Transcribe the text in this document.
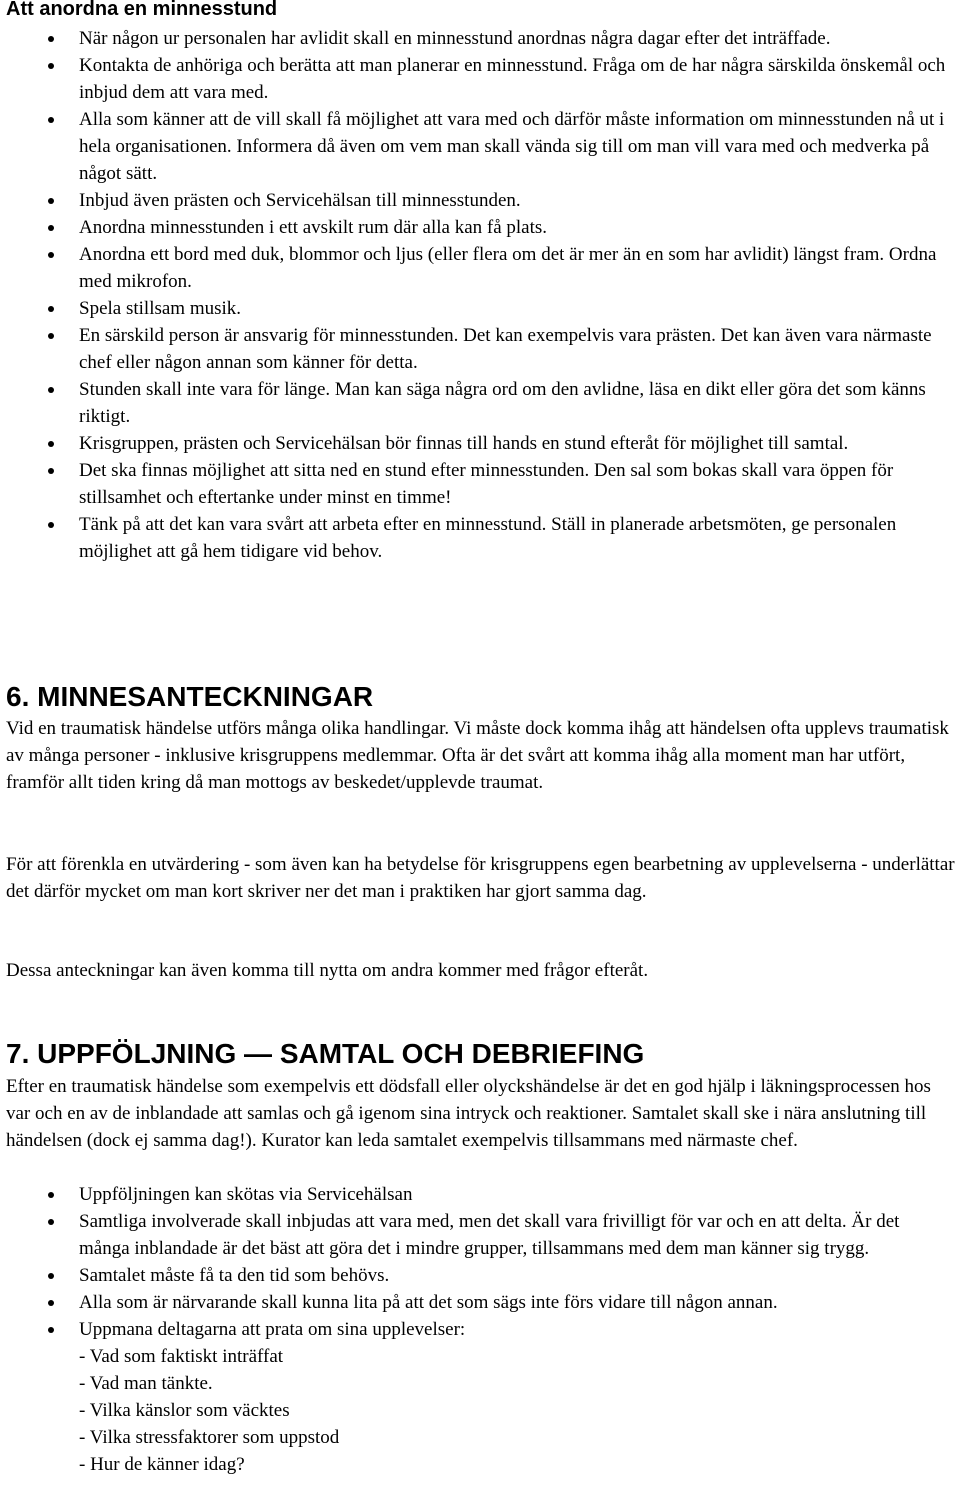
Att anordna en minnesstund
När någon ur personalen har avlidit skall en minnesstund anordnas några dagar efter det inträffade.
Kontakta de anhöriga och berätta att man planerar en minnesstund. Fråga om de har några särskilda önskemål och inbjud dem att vara med.
Alla som känner att de vill skall få möjlighet att vara med och därför måste information om minnesstunden nå ut i hela organisationen. Informera då även om vem man skall vända sig till om man vill vara med och medverka på något sätt.
Inbjud även prästen och Servicehälsan till minnesstunden.
Anordna minnesstunden i ett avskilt rum där alla kan få plats.
Anordna ett bord med duk, blommor och ljus (eller flera om det är mer än en som har avlidit) längst fram. Ordna med mikrofon.
Spela stillsam musik.
En särskild person är ansvarig för minnesstunden. Det kan exempelvis vara prästen. Det kan även vara närmaste chef eller någon annan som känner för detta.
Stunden skall inte vara för länge. Man kan säga några ord om den avlidne, läsa en dikt eller göra det som känns riktigt.
Krisgruppen, prästen och Servicehälsan bör finnas till hands en stund efteråt för möjlighet till samtal.
Det ska finnas möjlighet att sitta ned en stund efter minnesstunden. Den sal som bokas skall vara öppen för stillsamhet och eftertanke under minst en timme!
Tänk på att det kan vara svårt att arbeta efter en minnesstund. Ställ in planerade arbetsmöten, ge personalen möjlighet att gå hem tidigare vid behov.
6. MINNESANTECKNINGAR

Vid en traumatisk händelse utförs många olika handlingar. Vi måste dock komma ihåg att händelsen ofta upplevs traumatisk av många personer - inklusive krisgruppens medlemmar. Ofta är det svårt att komma ihåg alla moment man har utfört, framför allt tiden kring då man mottogs av beskedet/upplevde traumat.

För att förenkla en utvärdering - som även kan ha betydelse för krisgruppens egen bearbetning av upplevelserna - underlättar det därför mycket om man kort skriver ner det man i praktiken har gjort samma dag.

Dessa anteckningar kan även komma till nytta om andra kommer med frågor efteråt.

7. UPPFÖLJNING — SAMTAL OCH DEBRIEFING

Efter en traumatisk händelse som exempelvis ett dödsfall eller olyckshändelse är det en god hjälp i läkningsprocessen hos var och en av de inblandade att samlas och gå igenom sina intryck och reaktioner. Samtalet skall ske i nära anslutning till händelsen (dock ej samma dag!). Kurator kan leda samtalet exempelvis tillsammans med närmaste chef.

Uppföljningen kan skötas via Servicehälsan
Samtliga involverade skall inbjudas att vara med, men det skall vara frivilligt för var och en att delta. Är det många inblandade är det bäst att göra det i mindre grupper, tillsammans med dem man känner sig trygg.
Samtalet måste få ta den tid som behövs.
Alla som är närvarande skall kunna lita på att det som sägs inte förs vidare till någon annan.
Uppmana deltagarna att prata om sina upplevelser:
- Vad som faktiskt inträffat
- Vad man tänkte.
- Vilka känslor som väcktes
- Vilka stressfaktorer som uppstod
- Hur de känner idag?
